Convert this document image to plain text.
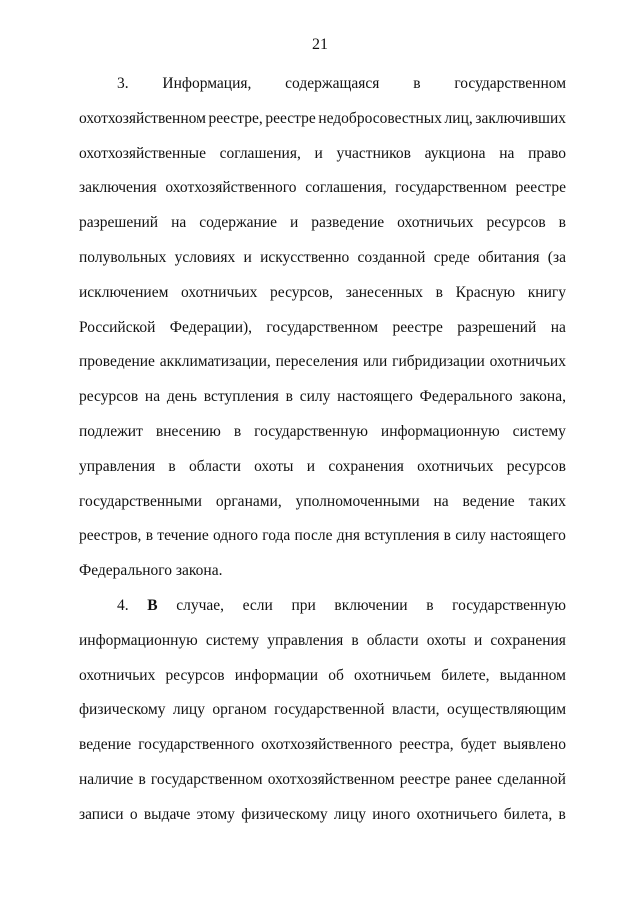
21
3. Информация, содержащаяся в государственном
охотхозяйственном реестре, реестре недобросовестных лиц, заключивших
охотхозяйственные соглашения, и участников аукциона на право
заключения охотхозяйственного соглашения, государственном реестре
разрешений на содержание и разведение охотничьих ресурсов в
полувольных условиях и искусственно созданной среде обитания (за
исключением охотничьих ресурсов, занесенных в Красную книгу
Российской Федерации), государственном реестре разрешений на
проведение акклиматизации, переселения или гибридизации охотничьих
ресурсов на день вступления в силу настоящего Федерального закона,
подлежит внесению в государственную информационную систему
управления в области охоты и сохранения охотничьих ресурсов
государственными органами, уполномоченными на ведение таких
реестров, в течение одного года после дня вступления в силу настоящего
Федерального закона.
4. В случае, если при включении в государственную
информационную систему управления в области охоты и сохранения
охотничьих ресурсов информации об охотничьем билете, выданном
физическому лицу органом государственной власти, осуществляющим
ведение государственного охотхозяйственного реестра, будет выявлено
наличие в государственном охотхозяйственном реестре ранее сделанной
записи о выдаче этому физическому лицу иного охотничьего билета, в
